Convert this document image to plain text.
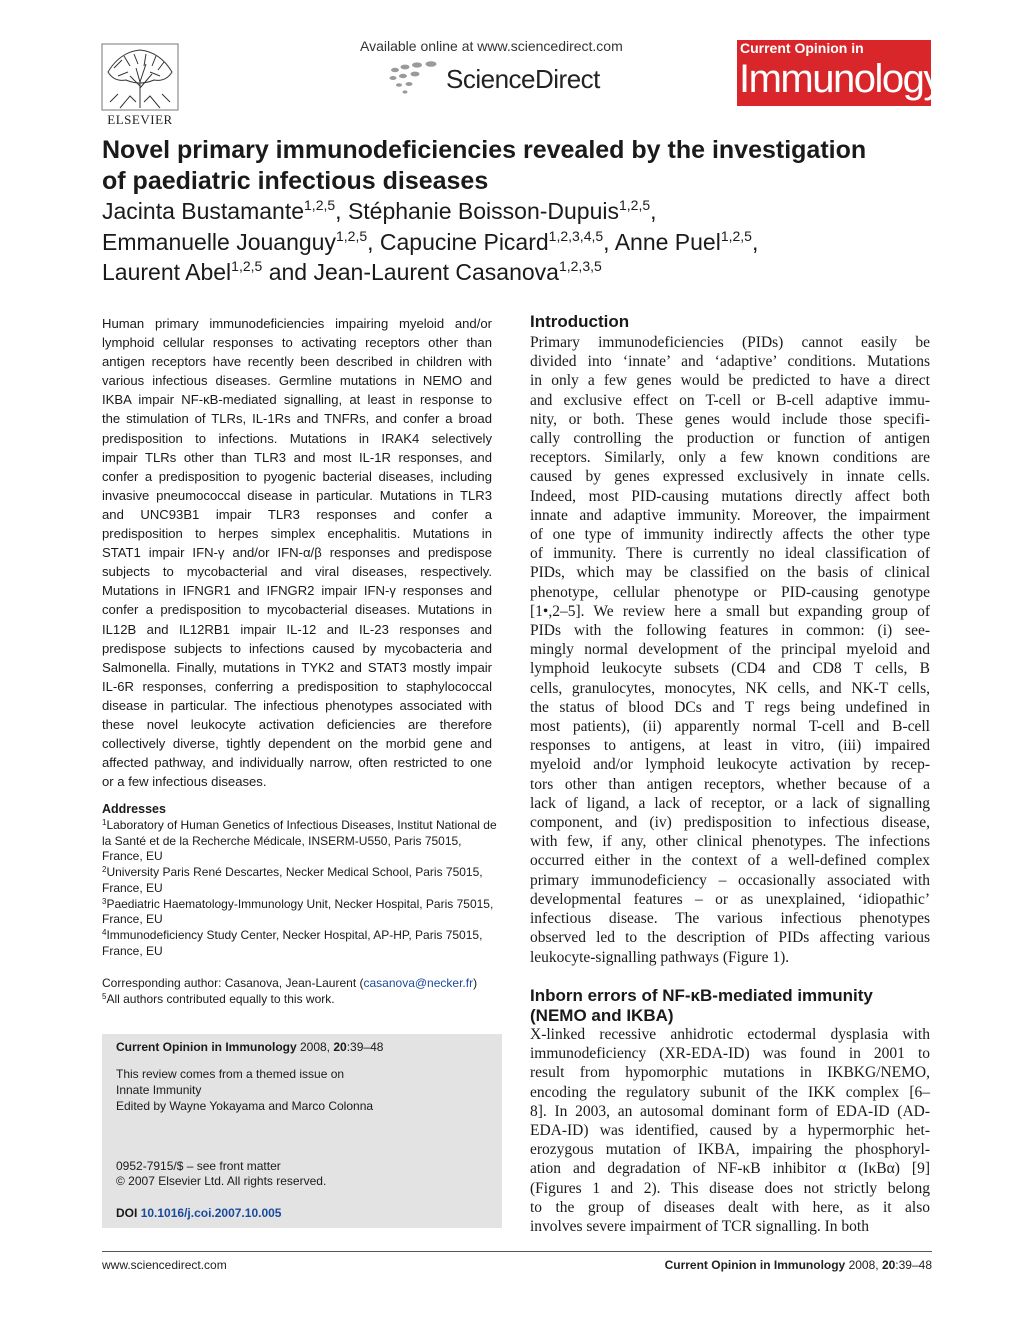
ELSEVIER
Available online at www.sciencedirect.com
ScienceDirect
Current Opinion in
Immunology
Novel primary immunodeficiencies revealed by the investigation
of paediatric infectious diseases
Jacinta Bustamante$^{1,2,5}$, Stéphanie Boisson-Dupuis$^{1,2,5}$,
Emmanuelle Jouanguy$^{1,2,5}$, Capucine Picard$^{1,2,3,4,5}$, Anne Puel$^{1,2,5}$,
Laurent Abel$^{1,2,5}$ and Jean-Laurent Casanova$^{1,2,3,5}$
Human primary immunodeficiencies impairing myeloid and/or
lymphoid cellular responses to activating receptors other than
antigen receptors have recently been described in children with
various infectious diseases. Germline mutations in NEMO and
IKBA impair NF-κB-mediated signalling, at least in response to
the stimulation of TLRs, IL-1Rs and TNFRs, and confer a broad
predisposition to infections. Mutations in IRAK4 selectively
impair TLRs other than TLR3 and most IL-1R responses, and
confer a predisposition to pyogenic bacterial diseases, including
invasive pneumococcal disease in particular. Mutations in TLR3
and UNC93B1 impair TLR3 responses and confer a
predisposition to herpes simplex encephalitis. Mutations in
STAT1 impair IFN-γ and/or IFN-α/β responses and predispose
subjects to mycobacterial and viral diseases, respectively.
Mutations in IFNGR1 and IFNGR2 impair IFN-γ responses and
confer a predisposition to mycobacterial diseases. Mutations in
IL12B and IL12RB1 impair IL-12 and IL-23 responses and
predispose subjects to infections caused by mycobacteria and
Salmonella. Finally, mutations in TYK2 and STAT3 mostly impair
IL-6R responses, conferring a predisposition to staphylococcal
disease in particular. The infectious phenotypes associated with
these novel leukocyte activation deficiencies are therefore
collectively diverse, tightly dependent on the morbid gene and
affected pathway, and individually narrow, often restricted to one
or a few infectious diseases.
Addresses
$^1$Laboratory of Human Genetics of Infectious Diseases, Institut National de la Santé et de la Recherche Médicale, INSERM-U550, Paris 75015, France, EU
$^2$University Paris René Descartes, Necker Medical School, Paris 75015, France, EU
$^3$Paediatric Haematology-Immunology Unit, Necker Hospital, Paris 75015, France, EU
$^4$Immunodeficiency Study Center, Necker Hospital, AP-HP, Paris 75015, France, EU
Corresponding author: Casanova, Jean-Laurent (casanova@necker.fr)
$^5$All authors contributed equally to this work.
Current Opinion in Immunology 2008, 20:39–48
This review comes from a themed issue on
Innate Immunity
Edited by Wayne Yokayama and Marco Colonna
0952-7915/$ – see front matter
© 2007 Elsevier Ltd. All rights reserved.
DOI 10.1016/j.coi.2007.10.005
Introduction
Primary immunodeficiencies (PIDs) cannot easily be
divided into ‘innate’ and ‘adaptive’ conditions. Mutations
in only a few genes would be predicted to have a direct
and exclusive effect on T-cell or B-cell adaptive immu-
nity, or both. These genes would include those specifi-
cally controlling the production or function of antigen
receptors. Similarly, only a few known conditions are
caused by genes expressed exclusively in innate cells.
Indeed, most PID-causing mutations directly affect both
innate and adaptive immunity. Moreover, the impairment
of one type of immunity indirectly affects the other type
of immunity. There is currently no ideal classification of
PIDs, which may be classified on the basis of clinical
phenotype, cellular phenotype or PID-causing genotype
[1•,2–5]. We review here a small but expanding group of
PIDs with the following features in common: (i) see-
mingly normal development of the principal myeloid and
lymphoid leukocyte subsets (CD4 and CD8 T cells, B
cells, granulocytes, monocytes, NK cells, and NK-T cells,
the status of blood DCs and T regs being undefined in
most patients), (ii) apparently normal T-cell and B-cell
responses to antigens, at least in vitro, (iii) impaired
myeloid and/or lymphoid leukocyte activation by recep-
tors other than antigen receptors, whether because of a
lack of ligand, a lack of receptor, or a lack of signalling
component, and (iv) predisposition to infectious disease,
with few, if any, other clinical phenotypes. The infections
occurred either in the context of a well-defined complex
primary immunodeficiency – occasionally associated with
developmental features – or as unexplained, ‘idiopathic’
infectious disease. The various infectious phenotypes
observed led to the description of PIDs affecting various
leukocyte-signalling pathways (Figure 1).
Inborn errors of NF-κB-mediated immunity
(NEMO and IKBA)
X-linked recessive anhidrotic ectodermal dysplasia with
immunodeficiency (XR-EDA-ID) was found in 2001 to
result from hypomorphic mutations in IKBKG/NEMO,
encoding the regulatory subunit of the IKK complex [6–
8]. In 2003, an autosomal dominant form of EDA-ID (AD-
EDA-ID) was identified, caused by a hypermorphic het-
erozygous mutation of IKBA, impairing the phosphoryl-
ation and degradation of NF-κB inhibitor α (IκBα) [9]
(Figures 1 and 2). This disease does not strictly belong
to the group of diseases dealt with here, as it also
involves severe impairment of TCR signalling. In both
www.sciencedirect.com	Current Opinion in Immunology 2008, 20:39–48
